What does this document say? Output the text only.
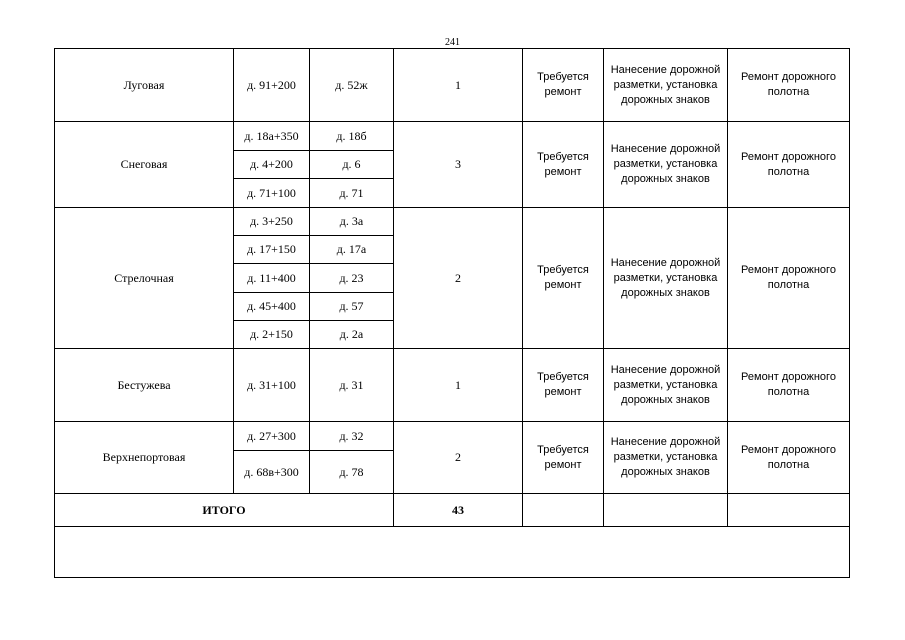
241
Луговая	д. 91+200	д. 52ж	1	Требуется ремонт	Нанесение дорожной разметки, установка дорожных знаков	Ремонт дорожного полотна
Снеговая	д. 18а+350	д. 18б	3	Требуется ремонт	Нанесение дорожной разметки, установка дорожных знаков	Ремонт дорожного полотна
	д. 4+200	д. 6				
	д. 71+100	д. 71				
Стрелочная	д. 3+250	д. 3а	2	Требуется ремонт	Нанесение дорожной разметки, установка дорожных знаков	Ремонт дорожного полотна
	д. 17+150	д. 17а				
	д. 11+400	д. 23				
	д. 45+400	д. 57				
	д. 2+150	д. 2а				
Бестужева	д. 31+100	д. 31	1	Требуется ремонт	Нанесение дорожной разметки, установка дорожных знаков	Ремонт дорожного полотна
Верхнепортовая	д. 27+300	д. 32	2	Требуется ремонт	Нанесение дорожной разметки, установка дорожных знаков	Ремонт дорожного полотна
	д. 68в+300	д. 78				
ИТОГО			43			
